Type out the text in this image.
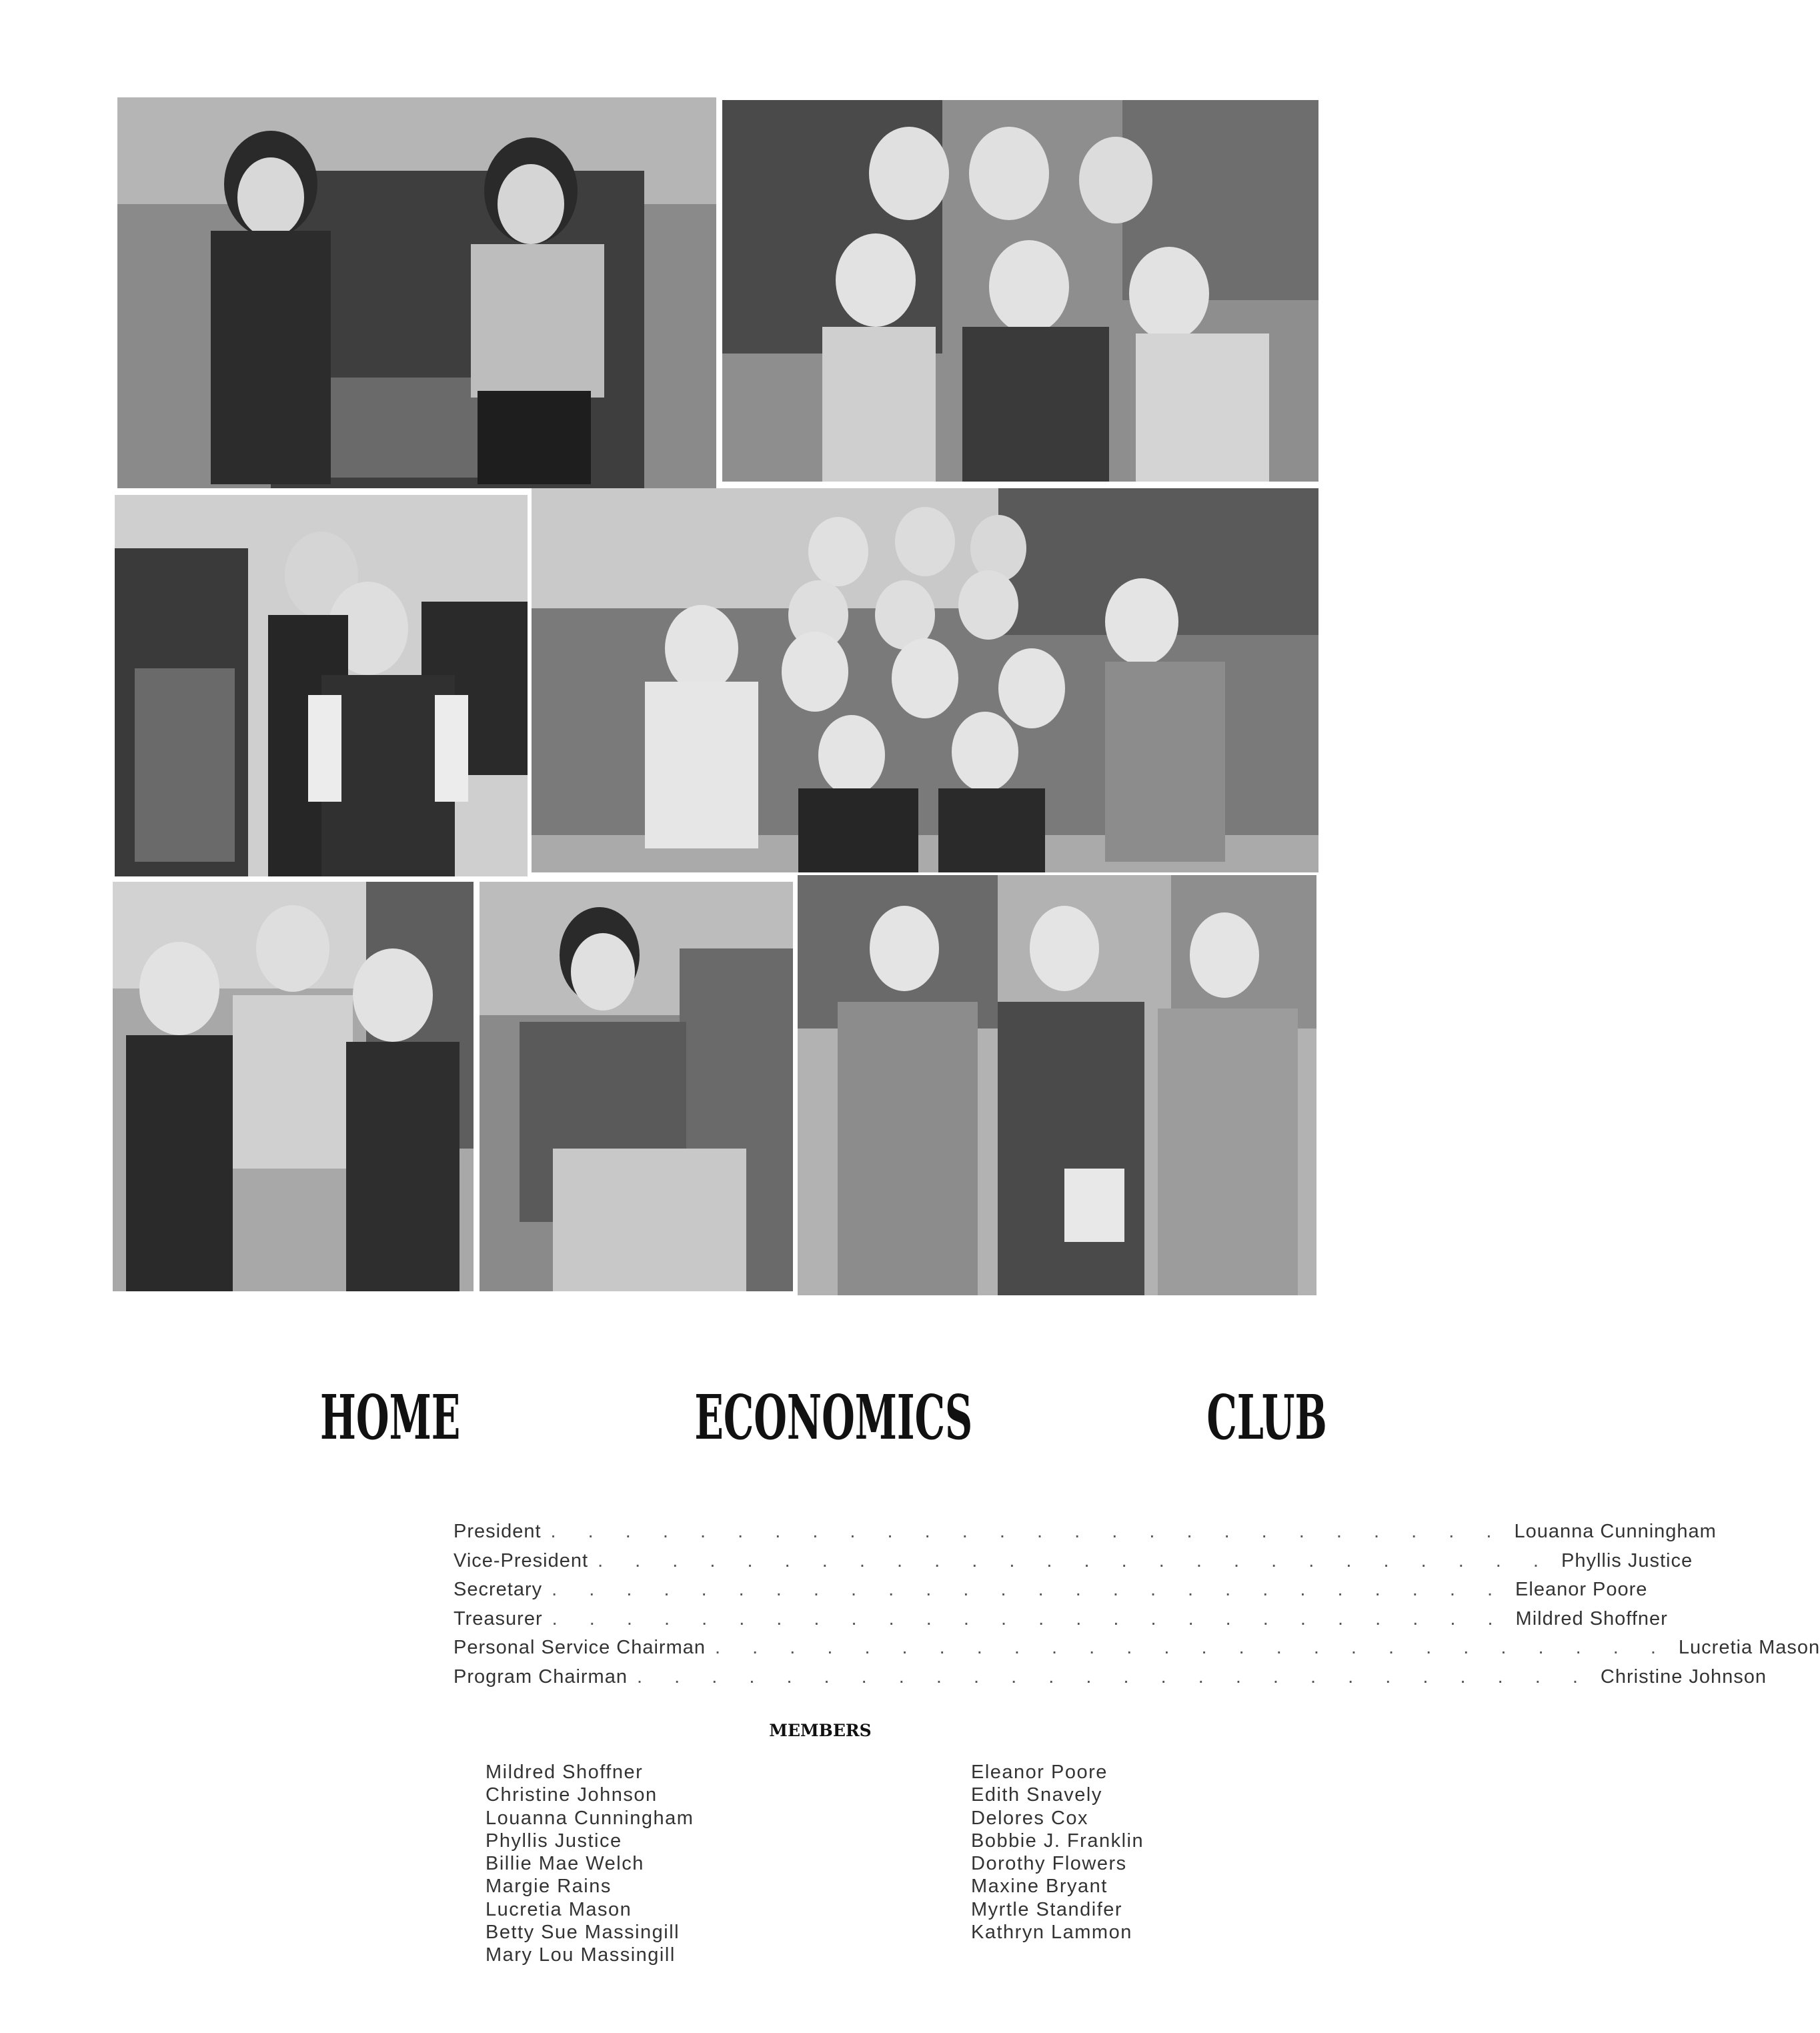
HOME	ECONOMICS	CLUB
President . . . . . . . . . . . . . . . . . . . . . . . . . . Louanna Cunningham
Vice-President . . . . . . . . . . . . . . . . . . . . . . . . . . Phyllis Justice
Secretary . . . . . . . . . . . . . . . . . . . . . . . . . . Eleanor Poore
Treasurer . . . . . . . . . . . . . . . . . . . . . . . . . . Mildred Shoffner
Personal Service Chairman . . . . . . . . . . . . . . . . . . . . . . . . . . Lucretia Mason
Program Chairman . . . . . . . . . . . . . . . . . . . . . . . . . . Christine Johnson
MEMBERS
Mildred Shoffner
Christine Johnson
Louanna Cunningham
Phyllis Justice
Billie Mae Welch
Margie Rains
Lucretia Mason
Betty Sue Massingill
Mary Lou Massingill
Eleanor Poore
Edith Snavely
Delores Cox
Bobbie J. Franklin
Dorothy Flowers
Maxine Bryant
Myrtle Standifer
Kathryn Lammon
